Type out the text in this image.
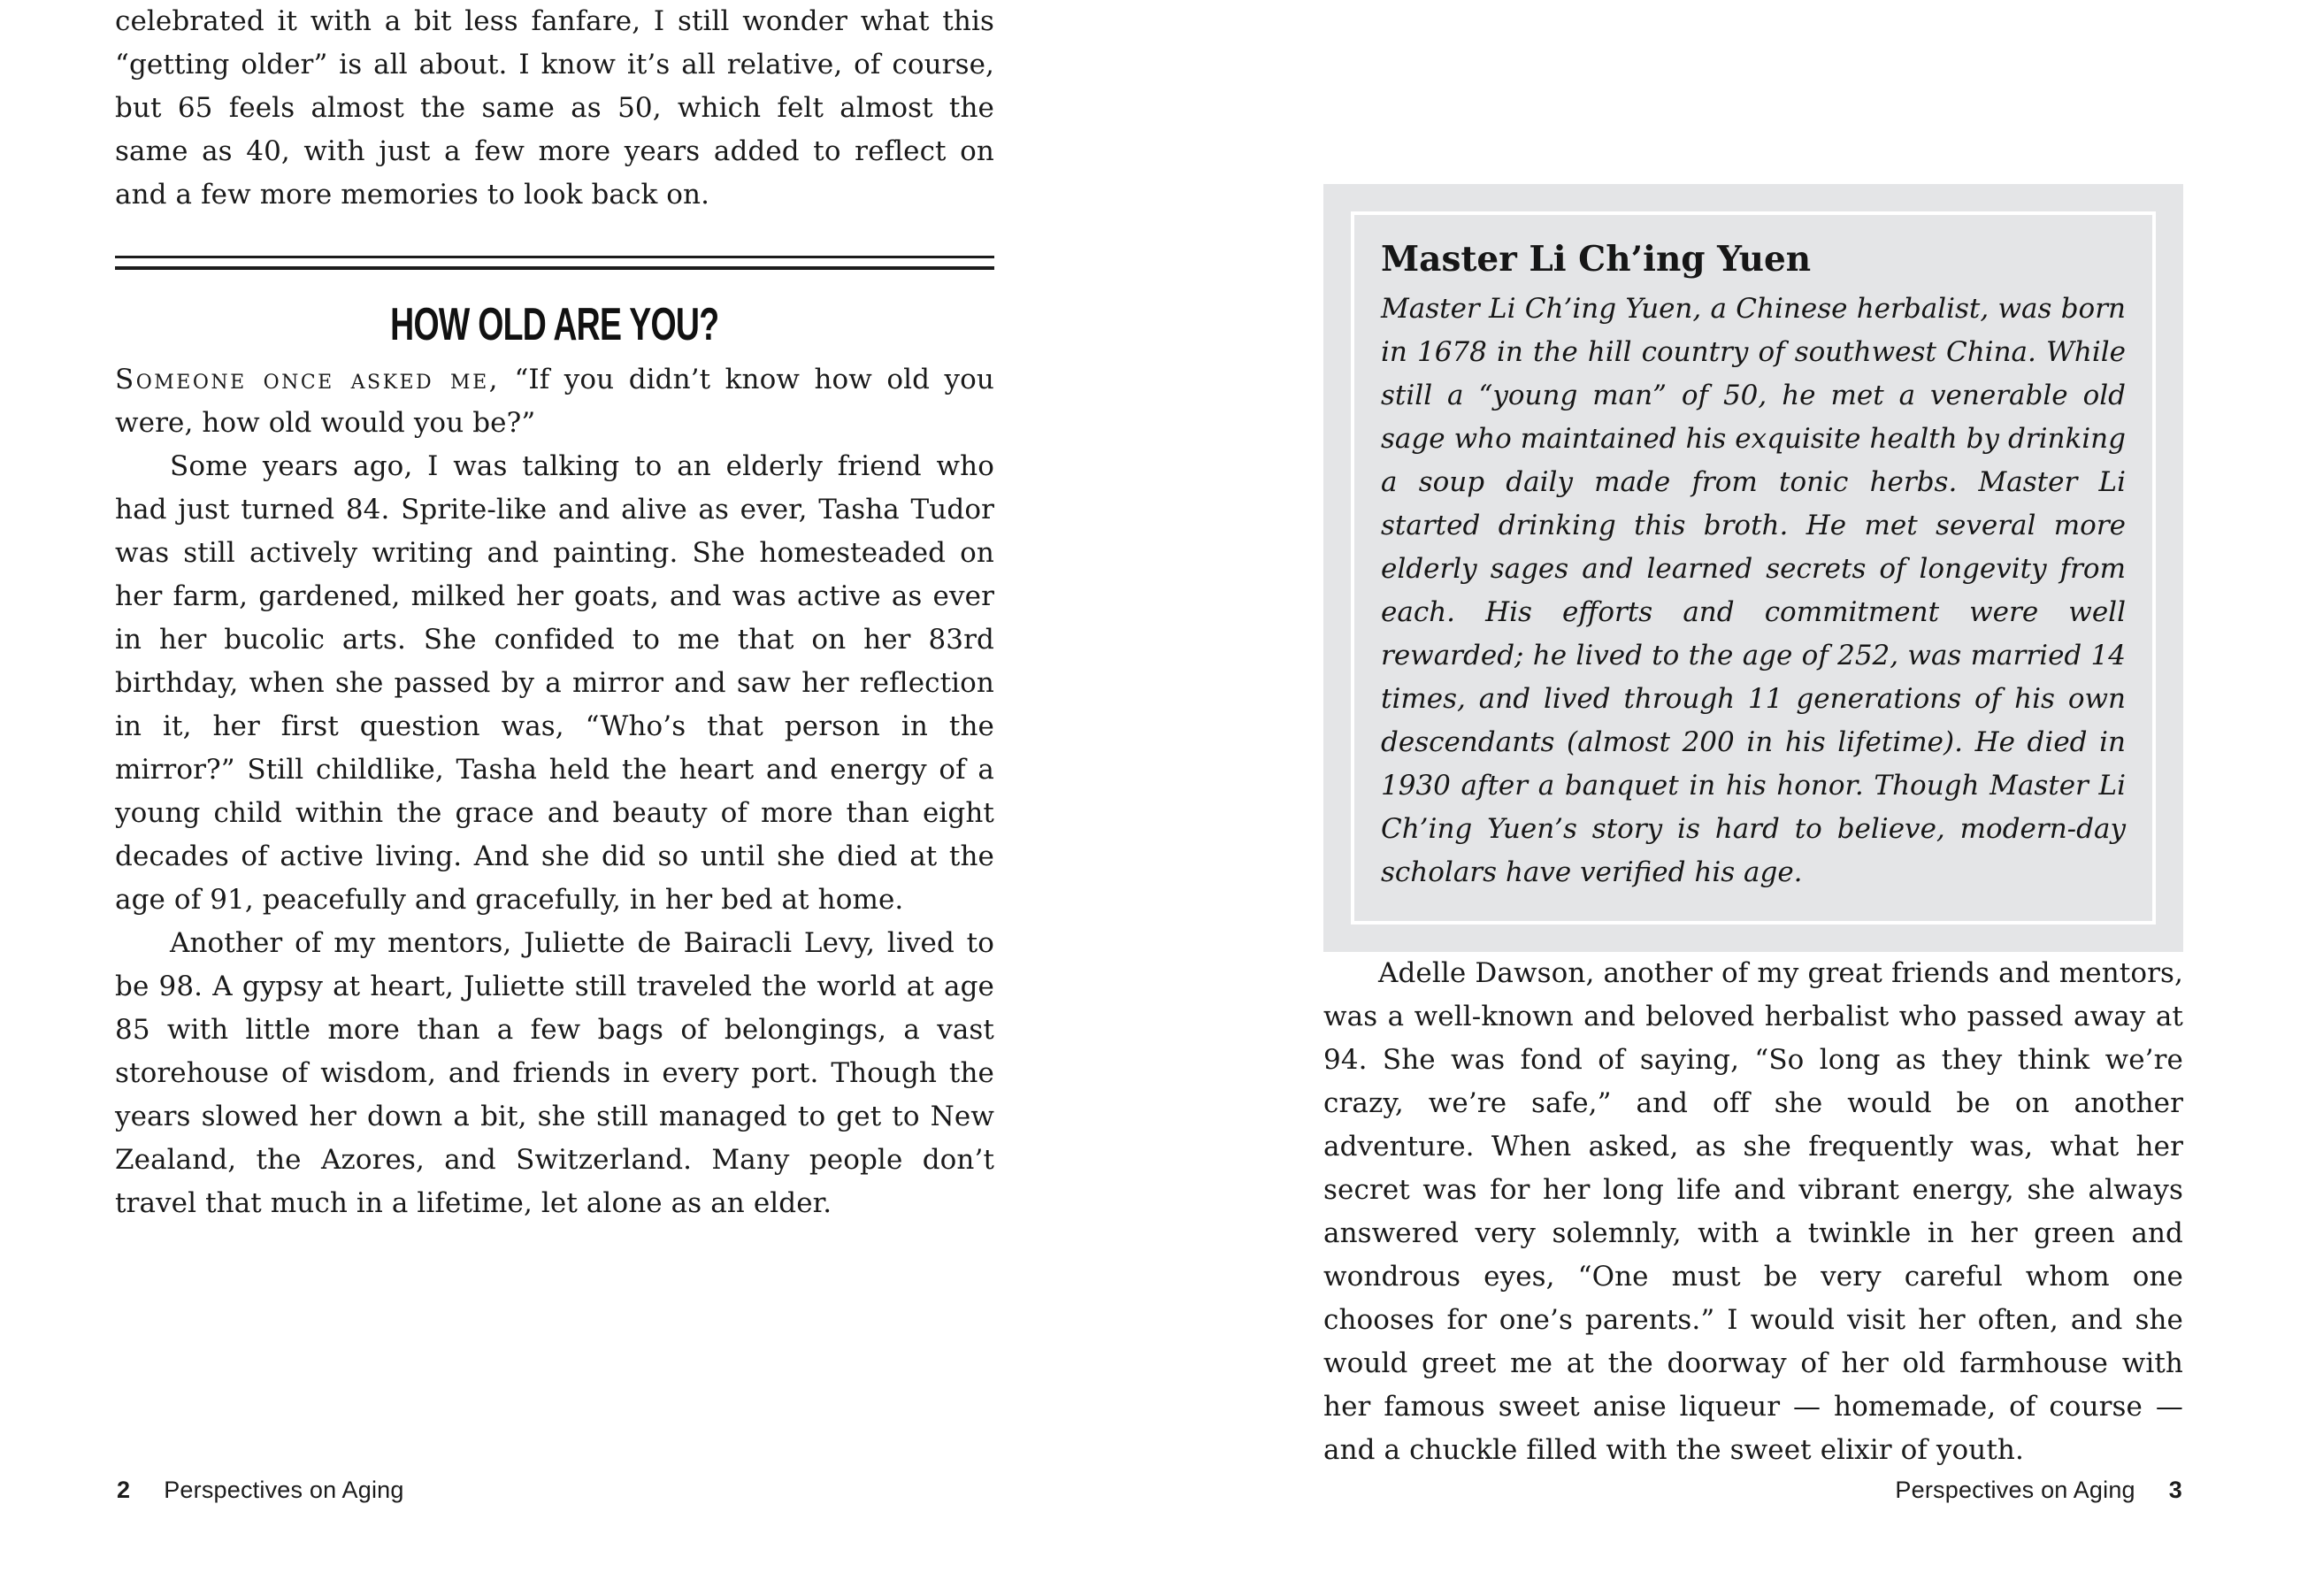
celebrated it with a bit less fanfare, I still wonder what this “getting older” is all about. I know it’s all relative, of course, but 65 feels almost the same as 50, which felt almost the same as 40, with just a few more years added to reflect on and a few more memories to look back on.

HOW OLD ARE YOU?

Someone once asked me, “If you didn’t know how old you were, how old would you be?”

Some years ago, I was talking to an elderly friend who had just turned 84. Sprite-like and alive as ever, Tasha Tudor was still actively writing and painting. She homesteaded on her farm, gardened, milked her goats, and was active as ever in her bucolic arts. She confided to me that on her 83rd birthday, when she passed by a mirror and saw her reflection in it, her first question was, “Who’s that person in the mirror?” Still childlike, Tasha held the heart and energy of a young child within the grace and beauty of more than eight decades of active living. And she did so until she died at the age of 91, peacefully and gracefully, in her bed at home.

Another of my mentors, Juliette de Bairacli Levy, lived to be 98. A gypsy at heart, Juliette still traveled the world at age 85 with little more than a few bags of belongings, a vast storehouse of wisdom, and friends in every port. Though the years slowed her down a bit, she still managed to get to New Zealand, the Azores, and Switzerland. Many people don’t travel that much in a lifetime, let alone as an elder.

Master Li Ch’ing Yuen

Master Li Ch’ing Yuen, a Chinese herbalist, was born in 1678 in the hill country of southwest China. While still a “young man” of 50, he met a venerable old sage who maintained his exquisite health by drinking a soup daily made from tonic herbs. Master Li started drinking this broth. He met several more elderly sages and learned secrets of longevity from each. His efforts and commitment were well rewarded; he lived to the age of 252, was married 14 times, and lived through 11 generations of his own descendants (almost 200 in his lifetime). He died in 1930 after a banquet in his honor. Though Master Li Ch’ing Yuen’s story is hard to believe, modern-day scholars have verified his age.

Adelle Dawson, another of my great friends and mentors, was a well-known and beloved herbalist who passed away at 94. She was fond of saying, “So long as they think we’re crazy, we’re safe,” and off she would be on another adventure. When asked, as she frequently was, what her secret was for her long life and vibrant energy, she always answered very solemnly, with a twinkle in her green and wondrous eyes, “One must be very careful whom one chooses for one’s parents.” I would visit her often, and she would greet me at the doorway of her old farmhouse with her famous sweet anise liqueur — homemade, of course — and a chuckle filled with the sweet elixir of youth.

2 Perspectives on Aging	Perspectives on Aging 3
